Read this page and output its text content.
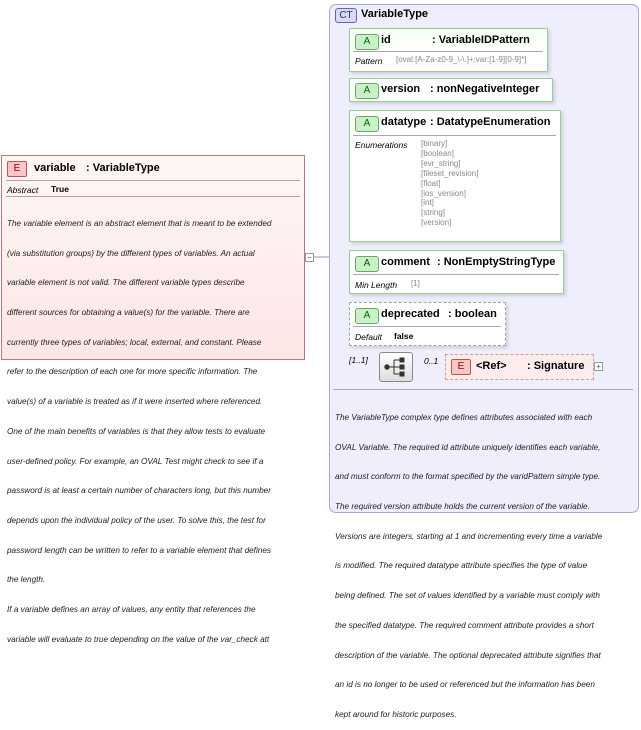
E	variable : VariableType
Abstract True

The variable element is an abstract element that is meant to be extended

(via substitution groups) by the different types of variables. An actual

variable element is not valid. The different variable types describe

different sources for obtaining a value(s) for the variable. There are

currently three types of variables; local, external, and constant. Please

refer to the description of each one for more specific information. The

value(s) of a variable is treated as if it were inserted where referenced.

One of the main benefits of variables is that they allow tests to evaluate

user-defined policy. For example, an OVAL Test might check to see if a

password is at least a certain number of characters long, but this number

depends upon the individual policy of the user. To solve this, the test for

password length can be written to refer to a variable element that defines

the length.

If a variable defines an array of values, any entity that references the

variable will evaluate to true depending on the value of the var_check att

−
CT VariableType
A id	: VariableIDPattern
Pattern [oval:[A-Za-z0-9_\-\.]+:var:[1-9][0-9]*]
A version : nonNegativeInteger
A datatype : DatatypeEnumeration
Enumerations [binary]
[boolean]
[evr_string]
[fileset_revision]
[float]
[ios_version]
[int]
[string]
[version]
A comment : NonEmptyStringType
Min Length [1]
A deprecated : boolean
Default false
[1..1]	0..1	E	<Ref> : Signature +

The VariableType complex type defines attributes associated with each

OVAL Variable. The required id attribute uniquely identifies each variable,

and must conform to the format specified by the varidPattern simple type.

The required version attribute holds the current version of the variable.

Versions are integers, starting at 1 and incrementing every time a variable

is modified. The required datatype attribute specifies the type of value

being defined. The set of values identified by a variable must comply with

the specified datatype. The required comment attribute provides a short

description of the variable. The optional deprecated attribute signifies that

an id is no longer to be used or referenced but the information has been

kept around for historic purposes.
